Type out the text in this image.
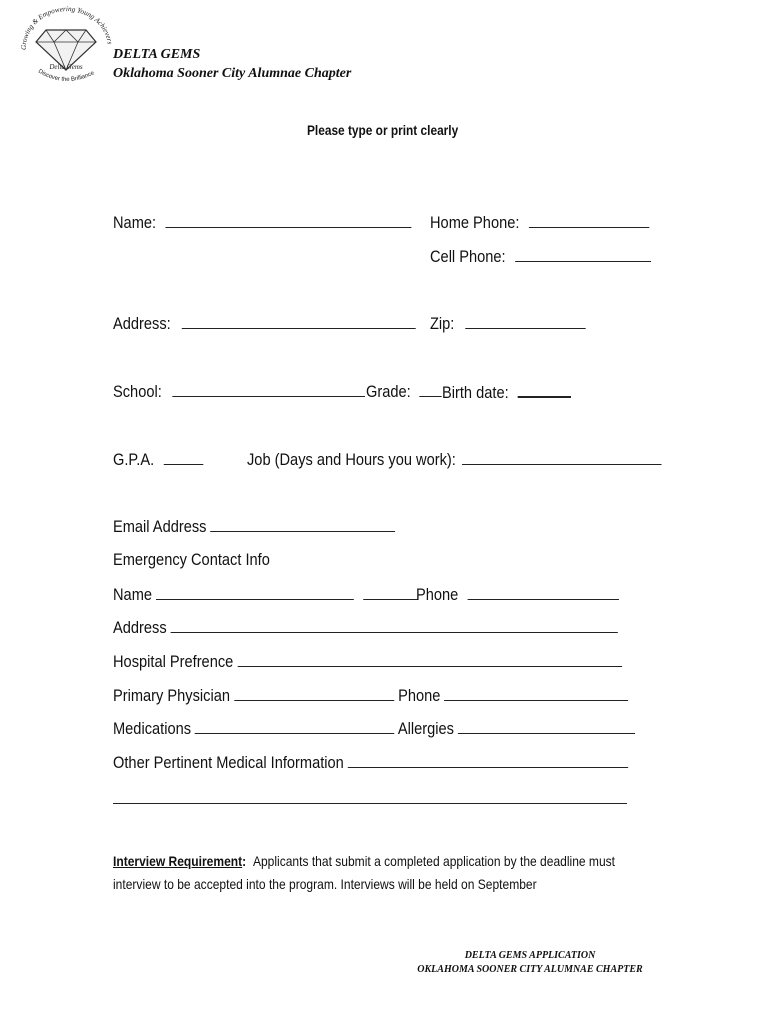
Growing & Empowering Young Achievers
Delta Gems
Discover the Brilliance
DELTA GEMS
Oklahoma Sooner City Alumnae Chapter
Please type or print clearly
Name:	Home Phone:
Cell Phone:
Address:	Zip:
School:	Grade:	Birth date:
G.P.A.	Job (Days and Hours you work):
Email Address
Emergency Contact Info
Name	Phone
Address
Hospital Prefrence
Primary Physician	Phone
Medications	Allergies
Other Pertinent Medical Information
Interview Requirement: Applicants that submit a completed application by the deadline must
interview to be accepted into the program. Interviews will be held on September
DELTA GEMS APPLICATION
OKLAHOMA SOONER CITY ALUMNAE CHAPTER
